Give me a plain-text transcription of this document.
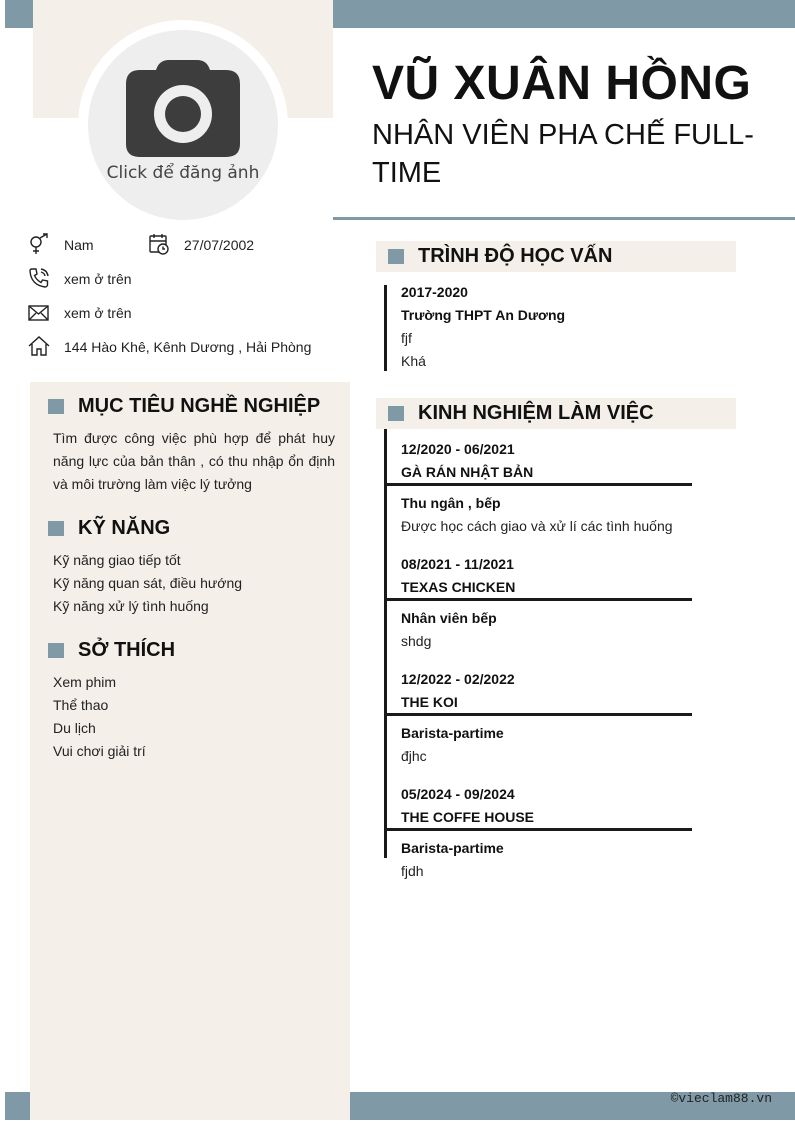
Click để đăng ảnh
VŨ XUÂN HỒNG
NHÂN VIÊN PHA CHẾ FULL-TIME
Nam	27/07/2002
xem ở trên
xem ở trên
144 Hào Khê, Kênh Dương , Hải Phòng
MỤC TIÊU NGHỀ NGHIỆP
Tìm được công việc phù hợp để phát huy năng lực của bản thân , có thu nhập ổn định và môi trường làm việc lý tưởng
KỸ NĂNG
Kỹ năng giao tiếp tốt
Kỹ năng quan sát, điều hướng
Kỹ năng xử lý tình huống
SỞ THÍCH
Xem phim
Thể thao
Du lịch
Vui chơi giải trí
TRÌNH ĐỘ HỌC VẤN
2017-2020
Trường THPT An Dương
fjf
Khá
KINH NGHIỆM LÀM VIỆC
12/2020 - 06/2021
GÀ RÁN NHẬT BẢN
Thu ngân , bếp
Được học cách giao và xử lí các tình huống
08/2021 - 11/2021
TEXAS CHICKEN
Nhân viên bếp
shdg
12/2022 - 02/2022
THE KOI
Barista-partime
đjhc
05/2024 - 09/2024
THE COFFE HOUSE
Barista-partime
fjdh
©vieclam88.vn
